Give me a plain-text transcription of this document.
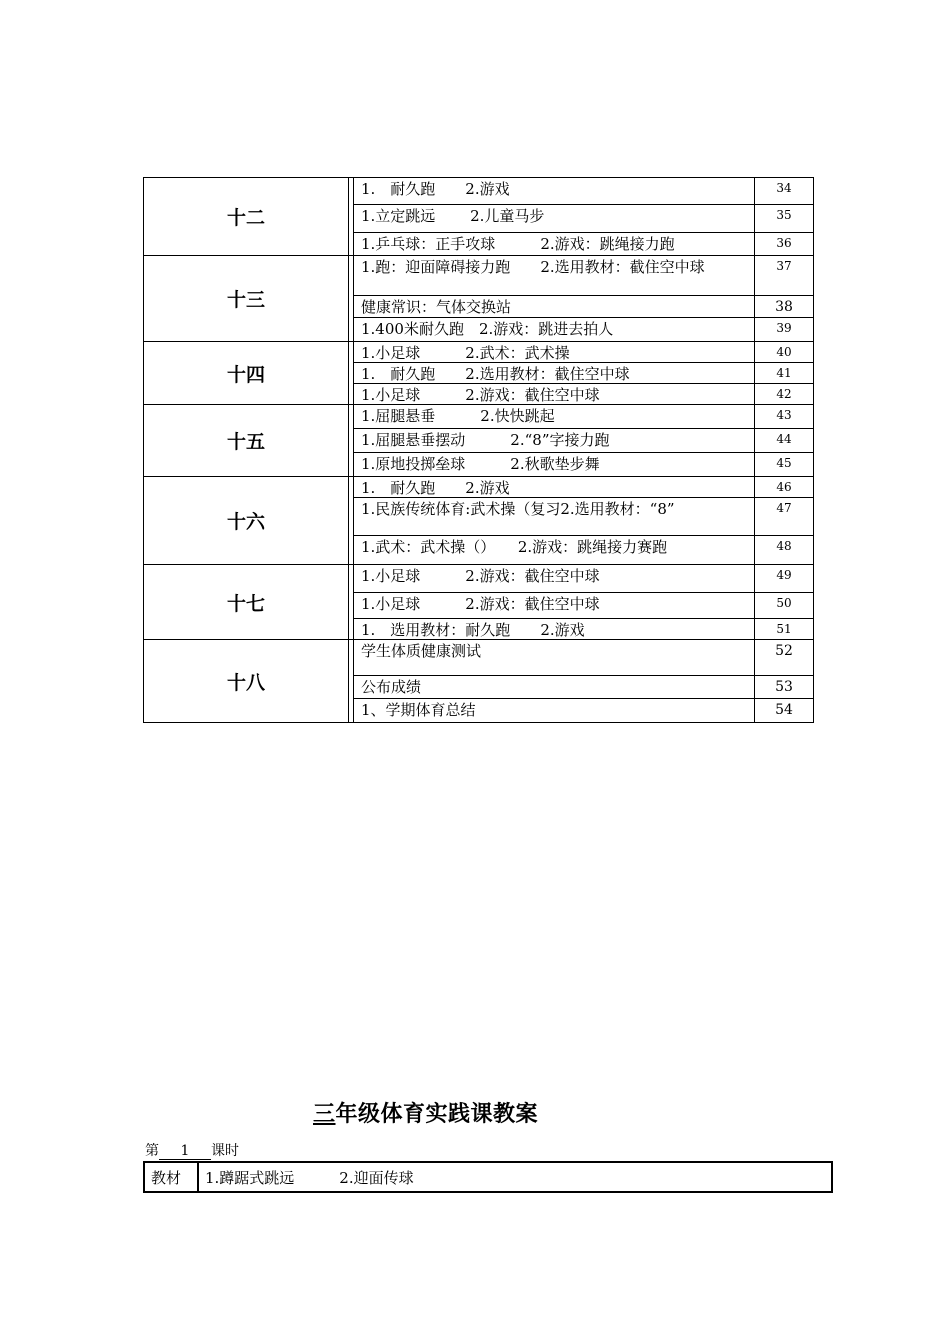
十二		1.　耐久跑　　2.游戏	34
		1.立定跳远　　 2.儿童马步	35
		1.乒乓球：正手攻球　　　2.游戏：跳绳接力跑	36
十三		1.跑：迎面障碍接力跑　　2.选用教材：截住空中球	37
		健康常识：气体交换站	38
		1.400米耐久跑　2.游戏：跳进去拍人	39
十四		1.小足球　　　2.武术：武术操	40
		1.　耐久跑　　2.选用教材：截住空中球	41
		1.小足球　　　2.游戏：截住空中球	42
十五		1.屈腿悬垂　　　2.快快跳起	43
		1.屈腿悬垂摆动　　　2.“8”字接力跑	44
		1.原地投掷垒球　　　2.秋歌垫步舞	45
十六		1.　耐久跑　　2.游戏	46
		1.民族传统体育:武术操（复习2.选用教材：“8”	47
		1.武术：武术操（）　　2.游戏：跳绳接力赛跑	48
十七		1.小足球　　　2.游戏：截住空中球	49
		1.小足球　　　2.游戏：截住空中球	50
		1.　选用教材：耐久跑　　2.游戏	51
十八		学生体质健康测试	52
		公布成绩	53
		1、学期体育总结	54
三年级体育实践课教案
第 1 课时
教材	1.蹲踞式跳远　　　2.迎面传球
